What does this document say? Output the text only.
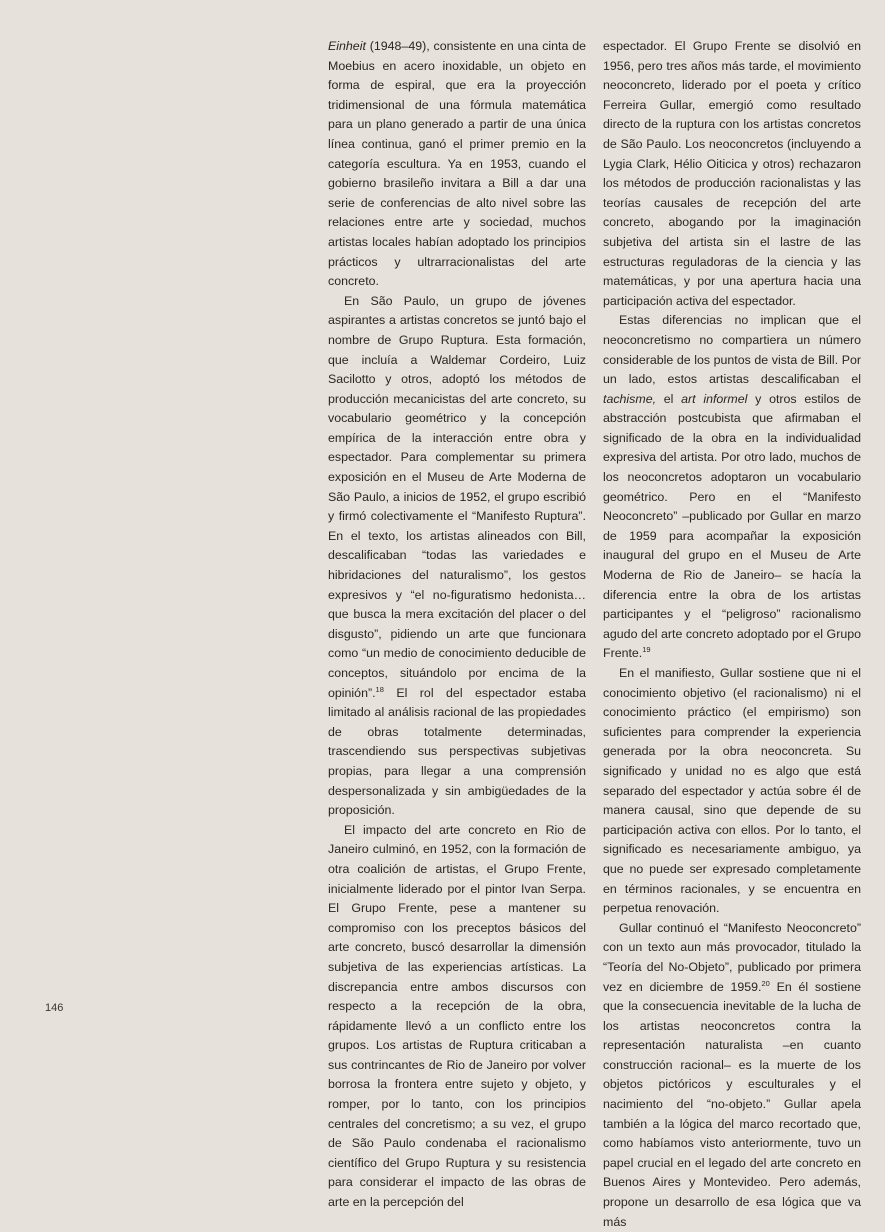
Einheit (1948–49), consistente en una cinta de Moebius en acero inoxidable, un objeto en forma de espiral, que era la proyección tridimensional de una fórmula matemática para un plano generado a partir de una única línea continua, ganó el primer premio en la categoría escultura. Ya en 1953, cuando el gobierno brasileño invitara a Bill a dar una serie de conferencias de alto nivel sobre las relaciones entre arte y sociedad, muchos artistas locales habían adoptado los principios prácticos y ultrarracionalistas del arte concreto.

En São Paulo, un grupo de jóvenes aspirantes a artistas concretos se juntó bajo el nombre de Grupo Ruptura. Esta formación, que incluía a Waldemar Cordeiro, Luiz Sacilotto y otros, adoptó los métodos de producción mecanicistas del arte concreto, su vocabulario geométrico y la concepción empírica de la interacción entre obra y espectador. Para complementar su primera exposición en el Museu de Arte Moderna de São Paulo, a inicios de 1952, el grupo escribió y firmó colectivamente el “Manifesto Ruptura”. En el texto, los artistas alineados con Bill, descalificaban “todas las variedades e hibridaciones del naturalismo”, los gestos expresivos y “el no-figuratismo hedonista… que busca la mera excitación del placer o del disgusto”, pidiendo un arte que funcionara como “un medio de conocimiento deducible de conceptos, situándolo por encima de la opinión”.$^{18}$ El rol del espectador estaba limitado al análisis racional de las propiedades de obras totalmente determinadas, trascendiendo sus perspectivas subjetivas propias, para llegar a una comprensión despersonalizada y sin ambigüedades de la proposición.

El impacto del arte concreto en Rio de Janeiro culminó, en 1952, con la formación de otra coalición de artistas, el Grupo Frente, inicialmente liderado por el pintor Ivan Serpa. El Grupo Frente, pese a mantener su compromiso con los preceptos básicos del arte concreto, buscó desarrollar la dimensión subjetiva de las experiencias artísticas. La discrepancia entre ambos discursos con respecto a la recepción de la obra, rápidamente llevó a un conflicto entre los grupos. Los artistas de Ruptura criticaban a sus contrincantes de Rio de Janeiro por volver borrosa la frontera entre sujeto y objeto, y romper, por lo tanto, con los principios centrales del concretismo; a su vez, el grupo de São Paulo condenaba el racionalismo científico del Grupo Ruptura y su resistencia para considerar el impacto de las obras de arte en la percepción del

espectador. El Grupo Frente se disolvió en 1956, pero tres años más tarde, el movimiento neoconcreto, liderado por el poeta y crítico Ferreira Gullar, emergió como resultado directo de la ruptura con los artistas concretos de São Paulo. Los neoconcretos (incluyendo a Lygia Clark, Hélio Oiticica y otros) rechazaron los métodos de producción racionalistas y las teorías causales de recepción del arte concreto, abogando por la imaginación subjetiva del artista sin el lastre de las estructuras reguladoras de la ciencia y las matemáticas, y por una apertura hacia una participación activa del espectador.

Estas diferencias no implican que el neoconcretismo no compartiera un número considerable de los puntos de vista de Bill. Por un lado, estos artistas descalificaban el tachisme, el art informel y otros estilos de abstracción postcubista que afirmaban el significado de la obra en la individualidad expresiva del artista. Por otro lado, muchos de los neoconcretos adoptaron un vocabulario geométrico. Pero en el “Manifesto Neoconcreto” –publicado por Gullar en marzo de 1959 para acompañar la exposición inaugural del grupo en el Museu de Arte Moderna de Rio de Janeiro– se hacía la diferencia entre la obra de los artistas participantes y el “peligroso” racionalismo agudo del arte concreto adoptado por el Grupo Frente.$^{19}$

En el manifiesto, Gullar sostiene que ni el conocimiento objetivo (el racionalismo) ni el conocimiento práctico (el empirismo) son suficientes para comprender la experiencia generada por la obra neoconcreta. Su significado y unidad no es algo que está separado del espectador y actúa sobre él de manera causal, sino que depende de su participación activa con ellos. Por lo tanto, el significado es necesariamente ambiguo, ya que no puede ser expresado completamente en términos racionales, y se encuentra en perpetua renovación.

Gullar continuó el “Manifesto Neoconcreto” con un texto aun más provocador, titulado la “Teoría del No-Objeto”, publicado por primera vez en diciembre de 1959.20 En él sostiene que la consecuencia inevitable de la lucha de los artistas neoconcretos contra la representación naturalista –en cuanto construcción racional– es la muerte de los objetos pictóricos y esculturales y el nacimiento del “no-objeto.” Gullar apela también a la lógica del marco recortado que, como habíamos visto anteriormente, tuvo un papel crucial en el legado del arte concreto en Buenos Aires y Montevideo. Pero además, propone un desarrollo de esa lógica que va más

146
